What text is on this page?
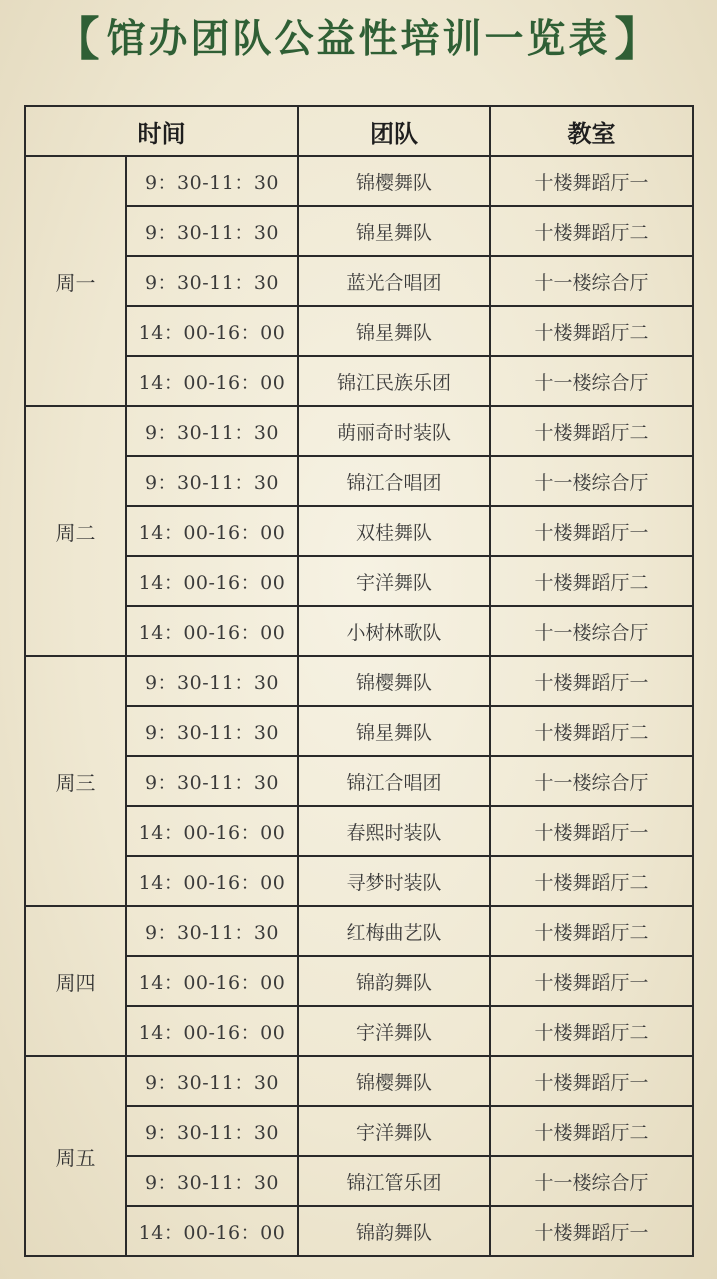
【 馆办团队公益性培训一览表 】
时间		团队	教室
周一	9：30-11：30	锦樱舞队	十楼舞蹈厅一
	9：30-11：30	锦星舞队	十楼舞蹈厅二
	9：30-11：30	蓝光合唱团	十一楼综合厅
	14：00-16：00	锦星舞队	十楼舞蹈厅二
	14：00-16：00	锦江民族乐团	十一楼综合厅
周二	9：30-11：30	萌丽奇时装队	十楼舞蹈厅二
	9：30-11：30	锦江合唱团	十一楼综合厅
	14：00-16：00	双桂舞队	十楼舞蹈厅一
	14：00-16：00	宇洋舞队	十楼舞蹈厅二
	14：00-16：00	小树林歌队	十一楼综合厅
周三	9：30-11：30	锦樱舞队	十楼舞蹈厅一
	9：30-11：30	锦星舞队	十楼舞蹈厅二
	9：30-11：30	锦江合唱团	十一楼综合厅
	14：00-16：00	春熙时装队	十楼舞蹈厅一
	14：00-16：00	寻梦时装队	十楼舞蹈厅二
周四	9：30-11：30	红梅曲艺队	十楼舞蹈厅二
	14：00-16：00	锦韵舞队	十楼舞蹈厅一
	14：00-16：00	宇洋舞队	十楼舞蹈厅二
周五	9：30-11：30	锦樱舞队	十楼舞蹈厅一
	9：30-11：30	宇洋舞队	十楼舞蹈厅二
	9：30-11：30	锦江管乐团	十一楼综合厅
	14：00-16：00	锦韵舞队	十楼舞蹈厅一
